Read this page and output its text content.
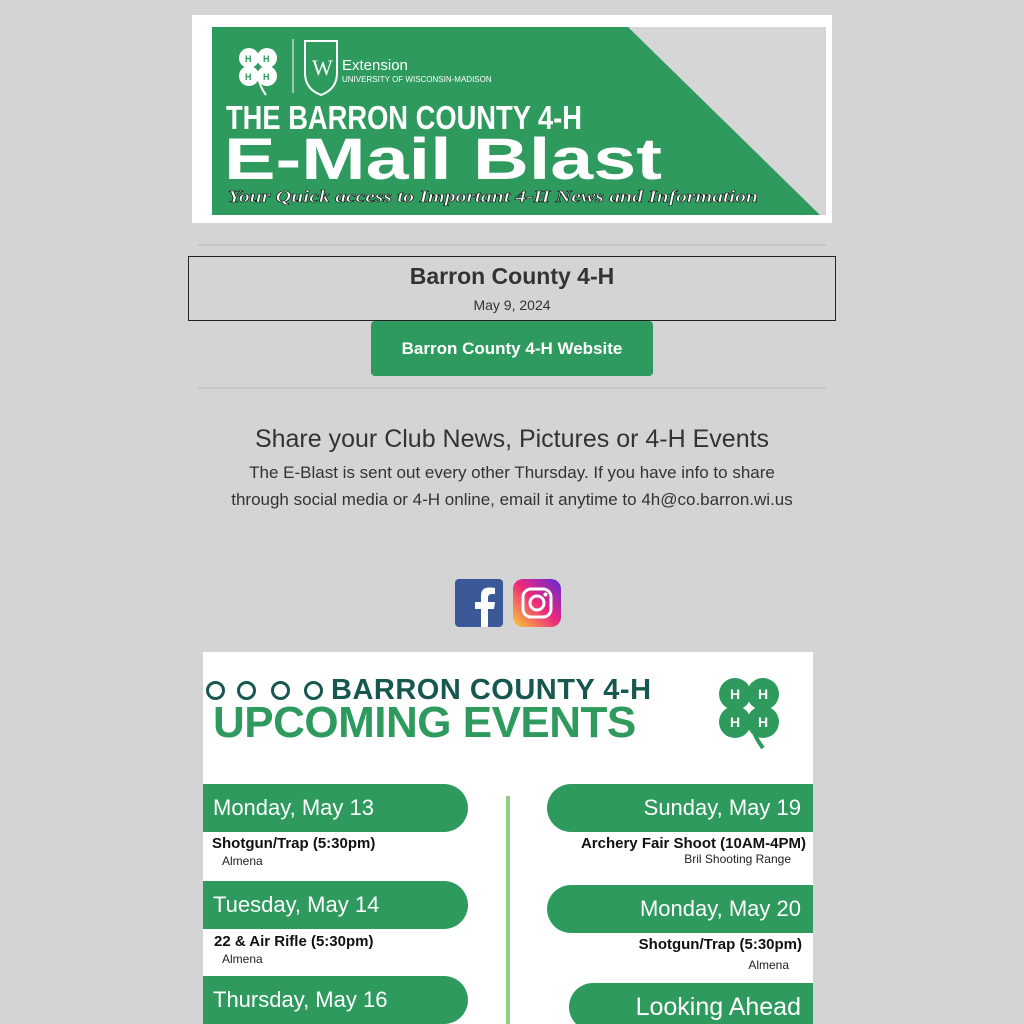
H H
H H W Extension
UNIVERSITY OF WISCONSIN-MADISON
THE BARRON COUNTY 4-H
E-Mail Blast
Your Quick access to Important 4-H News and Information
Barron County 4-H
May 9, 2024
Barron County 4-H Website
Share your Club News, Pictures or 4-H Events
The E-Blast is sent out every other Thursday. If you have info to share through social media or 4-H online, email it anytime to 4h@co.barron.wi.us
BARRON COUNTY 4-H
UPCOMING EVENTS
H H
H H
Monday, May 13
Shotgun/Trap (5:30pm)
Almena
Tuesday, May 14
22 & Air Rifle (5:30pm)
Almena
Thursday, May 16
Sunday, May 19
Archery Fair Shoot (10AM-4PM)
Bril Shooting Range
Monday, May 20
Shotgun/Trap (5:30pm)
Almena
Looking Ahead
